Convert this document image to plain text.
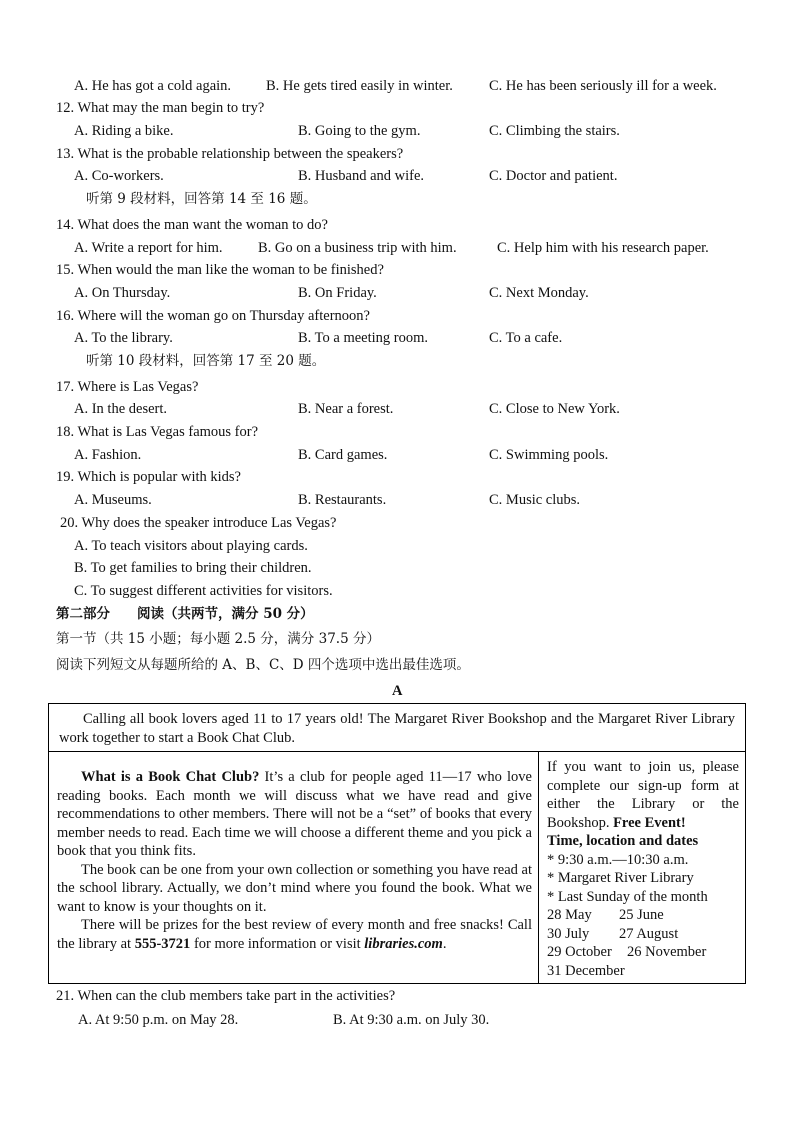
A. He has got a cold again. B. He gets tired easily in winter. C. He has been seriously ill for a week.
12. What may the man begin to try?
A. Riding a bike.	B. Going to the gym.	C. Climbing the stairs.
13. What is the probable relationship between the speakers?
A. Co-workers.	B. Husband and wife.	C. Doctor and patient.
听第 9 段材料，回答第 14 至 16 题。
14. What does the man want the woman to do?
A. Write a report for him. B. Go on a business trip with him.	C. Help him with his research paper.
15. When would the man like the woman to be finished?
A. On Thursday.	B. On Friday.	C. Next Monday.
16. Where will the woman go on Thursday afternoon?
A. To the library.	B. To a meeting room.	C. To a cafe.
听第 10 段材料，回答第 17 至 20 题。
17. Where is Las Vegas?
A. In the desert.	B. Near a forest.	C. Close to New York.
18. What is Las Vegas famous for?
A. Fashion.	B. Card games.	C. Swimming pools.
19. Which is popular with kids?
A. Museums.	B. Restaurants.	C. Music clubs.
20. Why does the speaker introduce Las Vegas?
A. To teach visitors about playing cards.
B. To get families to bring their children.
C. To suggest different activities for visitors.
第二部分　　阅读（共两节，满分 50 分）
第一节（共 15 小题；每小题 2.5 分，满分 37.5 分）
阅读下列短文从每题所给的 A、B、C、D 四个选项中选出最佳选项。
A

Calling all book lovers aged 11 to 17 years old! The Margaret River Bookshop and the Margaret River Library work together to start a Book Chat Club.

What is a Book Chat Club? It’s a club for people aged 11—17 who love reading books. Each month we will discuss what we have read and give recommendations to other members. There will not be a “set” of books that every member needs to read. Each time we will choose a different theme and you pick a book that you think fits.

The book can be one from your own collection or something you have read at the school library. Actually, we don’t mind where you found the book. What we want to know is your thoughts on it.

There will be prizes for the best review of every month and free snacks! Call the library at 555-3721 for more information or visit libraries.com.

If you want to join us, please complete our sign-up form at either the Library or the Bookshop. Free Event!

Time, location and dates
* 9:30 a.m.—10:30 a.m.
* Margaret River Library
* Last Sunday of the month
28 May 25 June
30 July 27 August
29 October 26 November
31 December
21. When can the club members take part in the activities?
A. At 9:50 p.m. on May 28.	B. At 9:30 a.m. on July 30.
